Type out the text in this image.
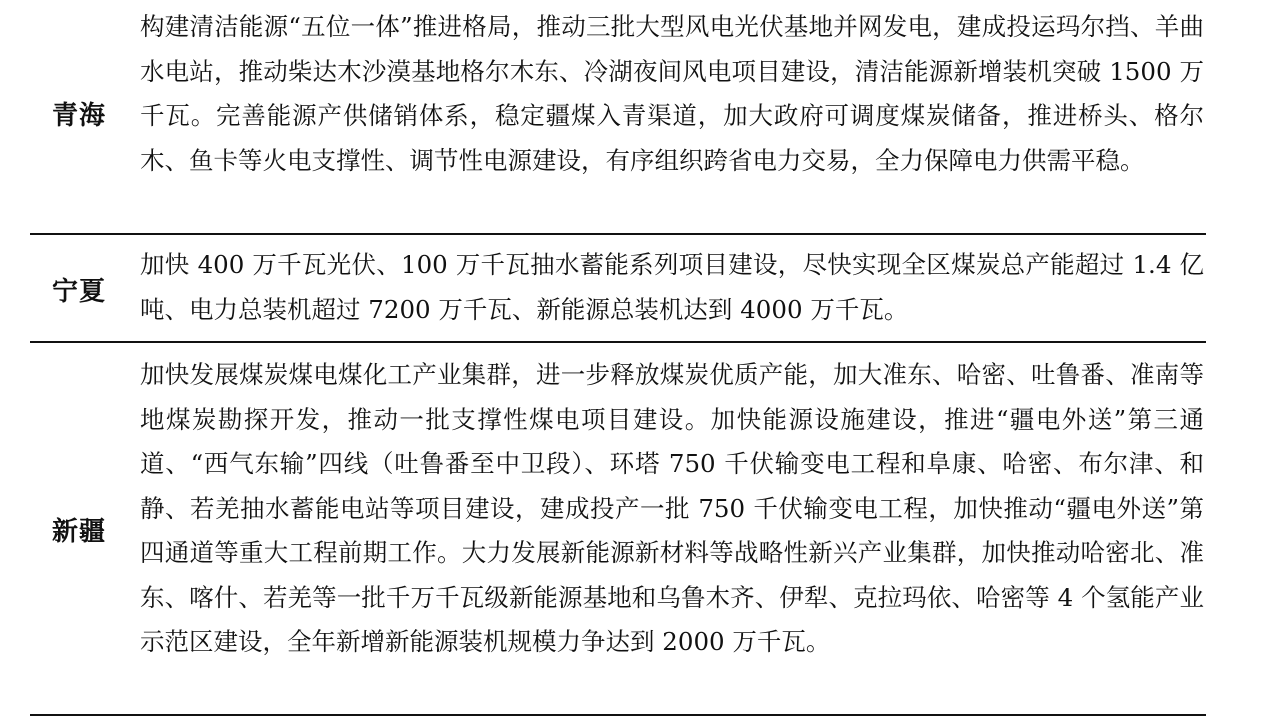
青海
构建清洁能源“五位一体”推进格局，推动三批大型风电光伏基地并网发电，建成投运玛尔挡、羊曲水电站，推动柴达木沙漠基地格尔木东、冷湖夜间风电项目建设，清洁能源新增装机突破 1500 万千瓦。完善能源产供储销体系，稳定疆煤入青渠道，加大政府可调度煤炭储备，推进桥头、格尔木、鱼卡等火电支撑性、调节性电源建设，有序组织跨省电力交易，全力保障电力供需平稳。
宁夏
加快 400 万千瓦光伏、100 万千瓦抽水蓄能系列项目建设，尽快实现全区煤炭总产能超过 1.4 亿吨、电力总装机超过 7200 万千瓦、新能源总装机达到 4000 万千瓦。
新疆
加快发展煤炭煤电煤化工产业集群，进一步释放煤炭优质产能，加大准东、哈密、吐鲁番、准南等地煤炭勘探开发，推动一批支撑性煤电项目建设。加快能源设施建设，推进“疆电外送”第三通道、“西气东输”四线（吐鲁番至中卫段）、环塔 750 千伏输变电工程和阜康、哈密、布尔津、和静、若羌抽水蓄能电站等项目建设，建成投产一批 750 千伏输变电工程，加快推动“疆电外送”第四通道等重大工程前期工作。大力发展新能源新材料等战略性新兴产业集群，加快推动哈密北、准东、喀什、若羌等一批千万千瓦级新能源基地和乌鲁木齐、伊犁、克拉玛依、哈密等 4 个氢能产业示范区建设，全年新增新能源装机规模力争达到 2000 万千瓦。
